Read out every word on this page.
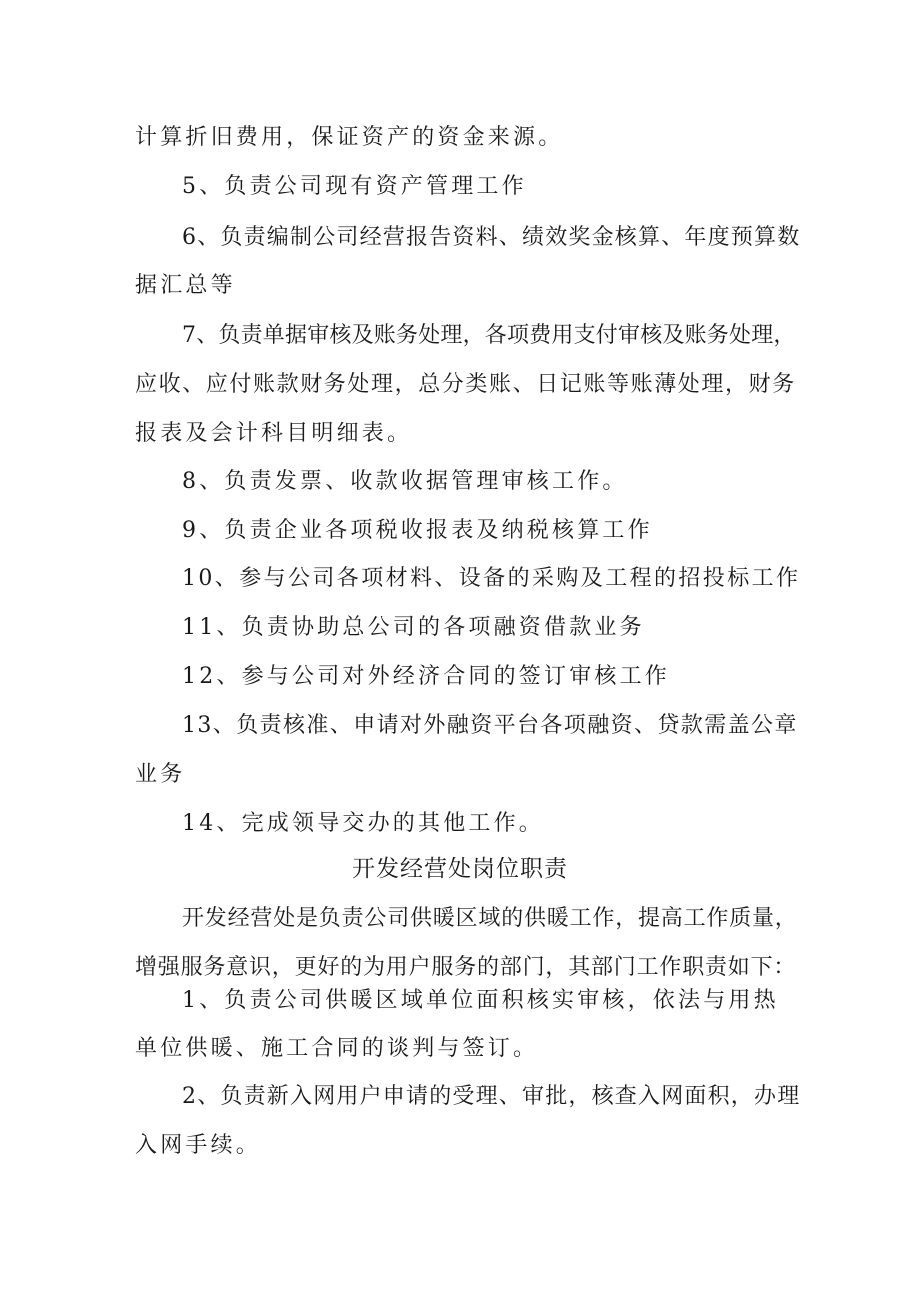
计算折旧费用，保证资产的资金来源。
5、负责公司现有资产管理工作
6、负责编制公司经营报告资料、绩效奖金核算、年度预算数
据汇总等
7、负责单据审核及账务处理，各项费用支付审核及账务处理，
应收、应付账款财务处理，总分类账、日记账等账薄处理，财务
报表及会计科目明细表。
8、负责发票、收款收据管理审核工作。
9、负责企业各项税收报表及纳税核算工作
10、参与公司各项材料、设备的采购及工程的招投标工作
11、负责协助总公司的各项融资借款业务
12、参与公司对外经济合同的签订审核工作
13、负责核准、申请对外融资平台各项融资、贷款需盖公章
业务
14、完成领导交办的其他工作。
开发经营处岗位职责
开发经营处是负责公司供暖区域的供暖工作，提高工作质量，
增强服务意识，更好的为用户服务的部门，其部门工作职责如下：
1、负责公司供暖区域单位面积核实审核，依法与用热
单位供暖、施工合同的谈判与签订。
2、负责新入网用户申请的受理、审批，核查入网面积，办理
入网手续。
